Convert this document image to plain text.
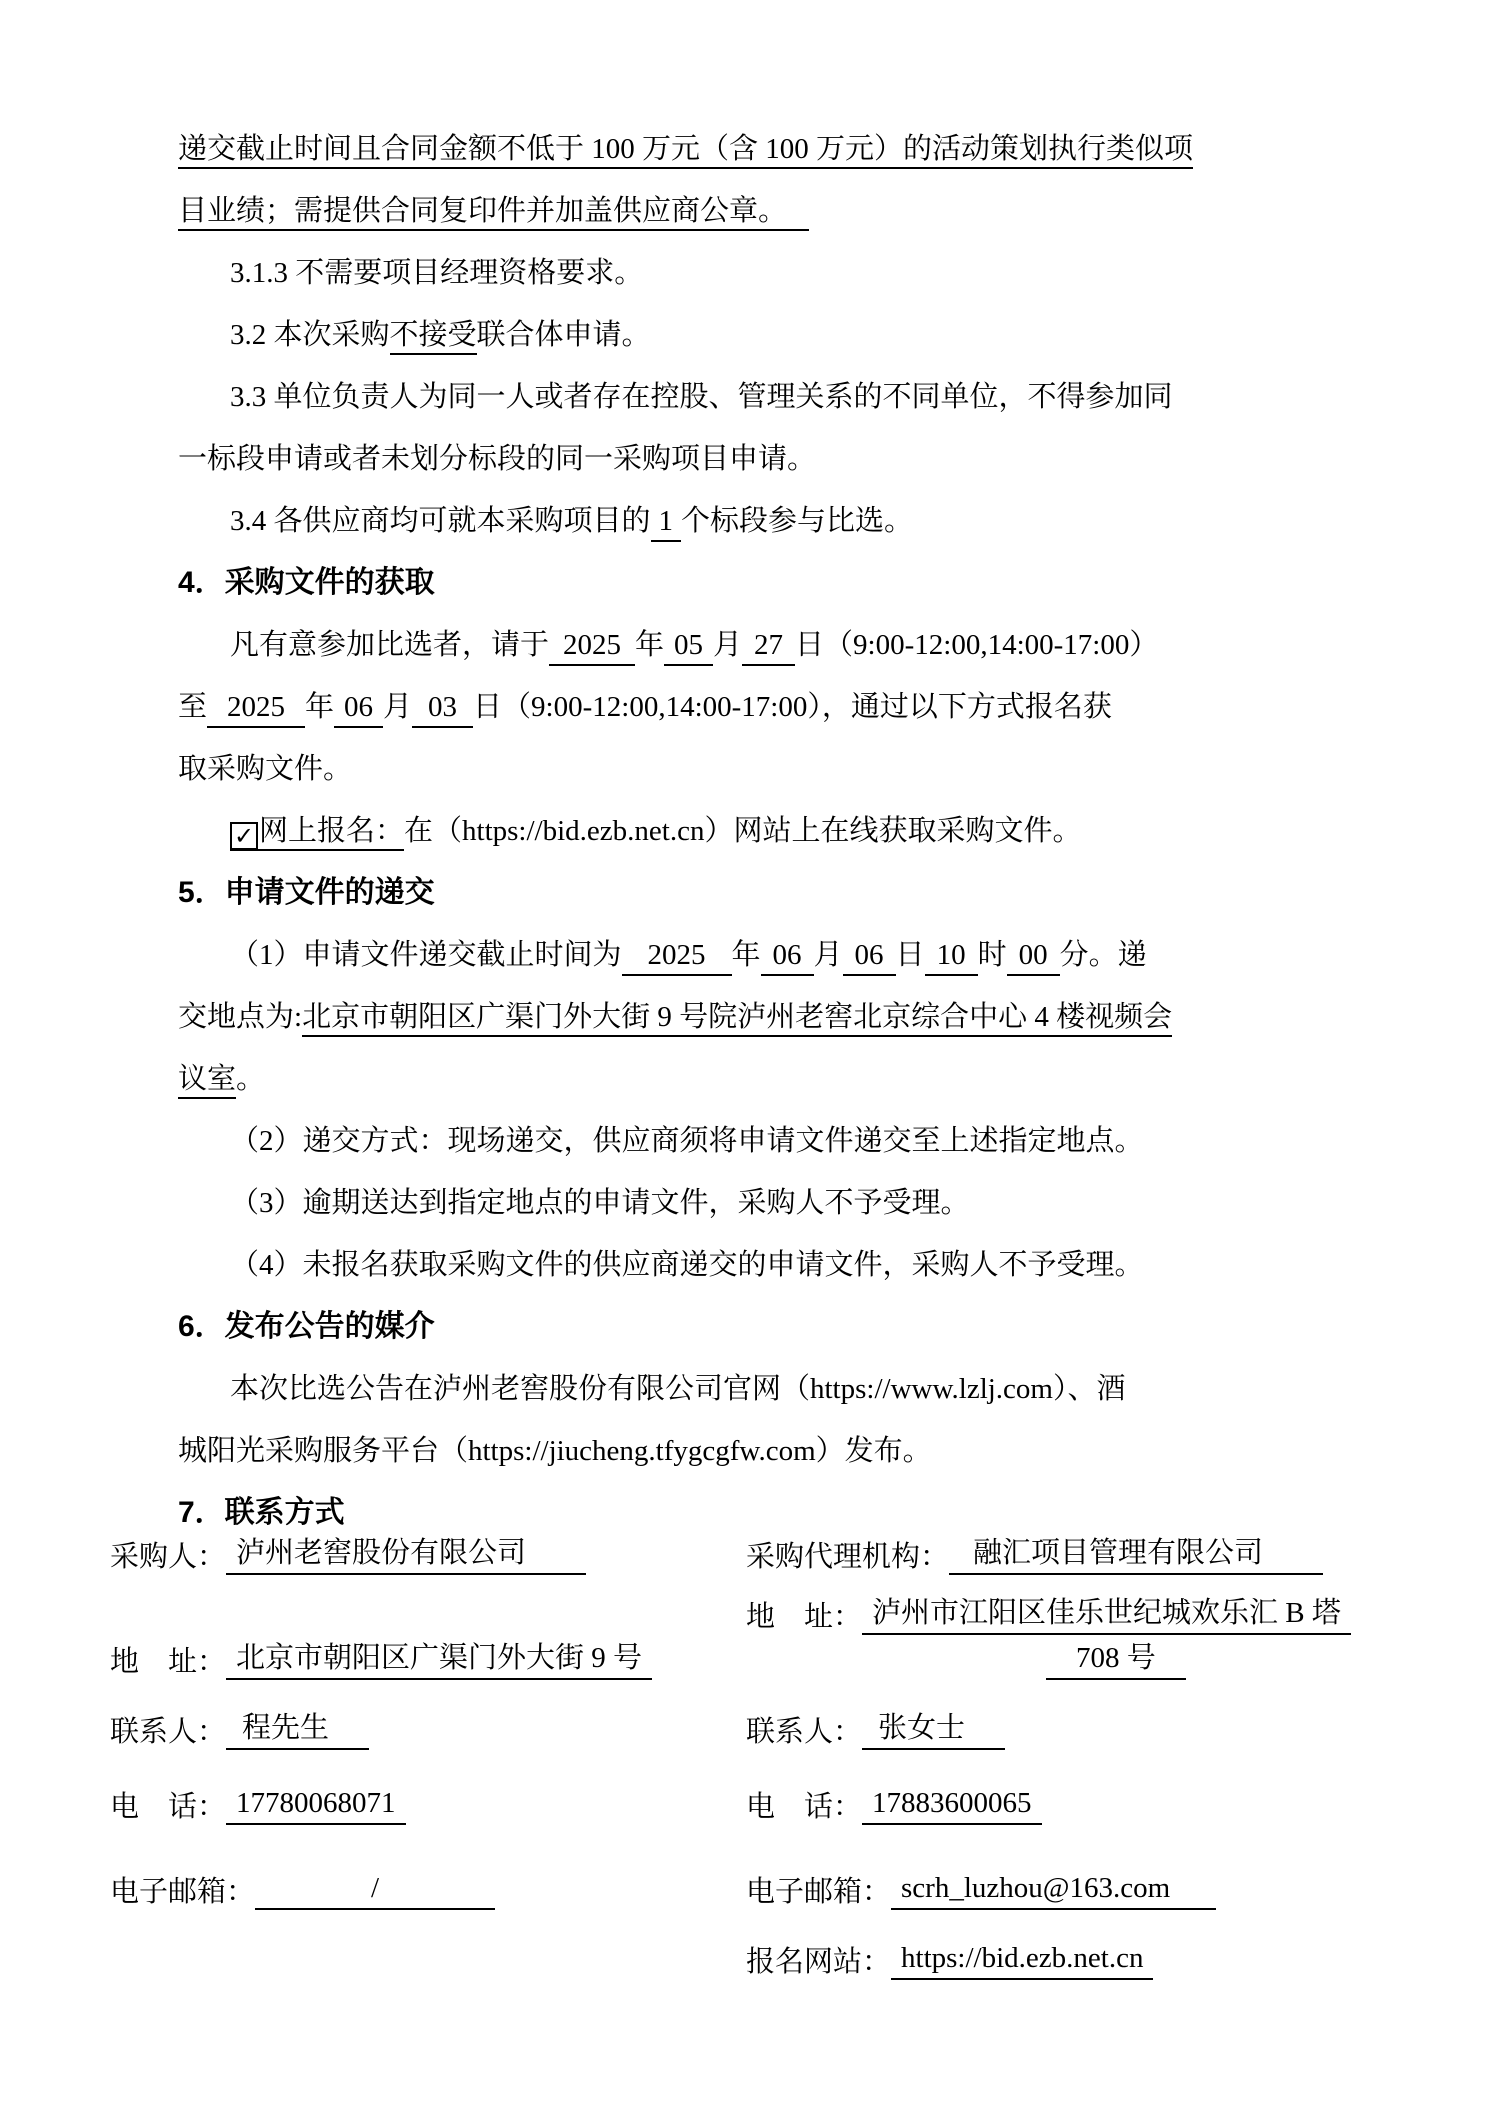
递交截止时间且合同金额不低于 100 万元（含 100 万元）的活动策划执行类似项
目业绩；需提供合同复印件并加盖供应商公章。
3.1.3 不需要项目经理资格要求。
3.2 本次采购不接受联合体申请。
3.3 单位负责人为同一人或者存在控股、管理关系的不同单位，不得参加同
一标段申请或者未划分标段的同一采购项目申请。
3.4 各供应商均可就本采购项目的 1 个标段参与比选。
4．采购文件的获取
凡有意参加比选者，请于 2025 年 05 月 27 日（9:00-12:00,14:00-17:00）
至 2025 年 06 月 03 日（9:00-12:00,14:00-17:00），通过以下方式报名获
取采购文件。
✓ 网上报名：在（https://bid.ezb.net.cn）网站上在线获取采购文件。
5．申请文件的递交
（1）申请文件递交截止时间为 2025 年 06 月 06 日 10 时 00 分。递
交地点为:北京市朝阳区广渠门外大街 9 号院泸州老窖北京综合中心 4 楼视频会
议室。
（2）递交方式：现场递交，供应商须将申请文件递交至上述指定地点。
（3）逾期送达到指定地点的申请文件，采购人不予受理。
（4）未报名获取采购文件的供应商递交的申请文件，采购人不予受理。
6．发布公告的媒介
本次比选公告在泸州老窖股份有限公司官网（https://www.lzlj.com）、酒
城阳光采购服务平台（https://jiucheng.tfygcgfw.com）发布。
7．联系方式
采购人： 泸州老窖股份有限公司
地　址： 北京市朝阳区广渠门外大街 9 号
联系人： 程先生
电　话： 17780068071
电子邮箱：	/
采购代理机构： 融汇项目管理有限公司
地　址： 泸州市江阳区佳乐世纪城欢乐汇 B 塔
708 号
联系人： 张女士
电　话： 17883600065
电子邮箱： scrh_luzhou@163.com
报名网站： https://bid.ezb.net.cn
